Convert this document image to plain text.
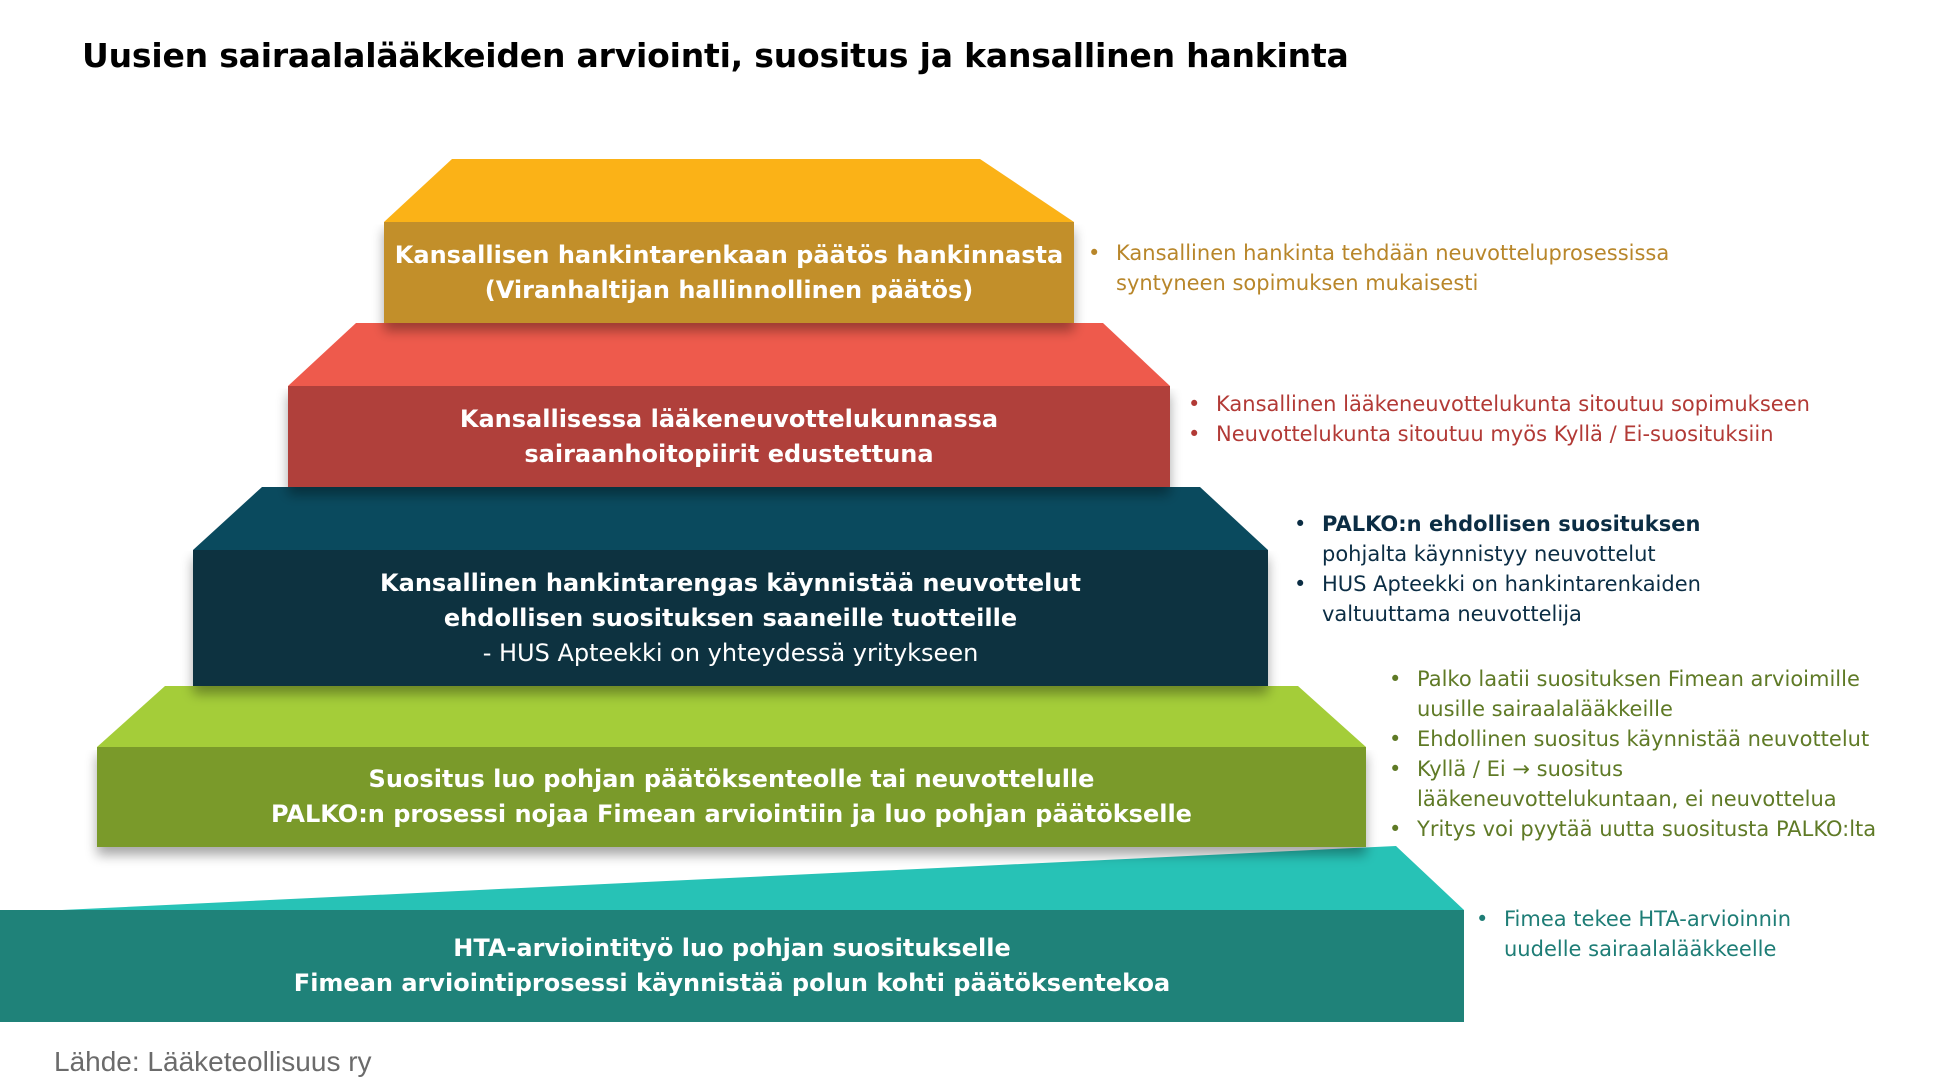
Uusien sairaalalääkkeiden arviointi, suositus ja kansallinen hankinta
Kansallisen hankintarenkaan päätös hankinnasta
(Viranhaltijan hallinnollinen päätös)
Kansallisessa lääkeneuvottelukunnassa
sairaanhoitopiirit edustettuna
Kansallinen hankintarengas käynnistää neuvottelut
ehdollisen suosituksen saaneille tuotteille
- HUS Apteekki on yhteydessä yritykseen
Suositus luo pohjan päätöksenteolle tai neuvottelulle
PALKO:n prosessi nojaa Fimean arviointiin ja luo pohjan päätökselle
HTA-arviointityö luo pohjan suositukselle
Fimean arviointiprosessi käynnistää polun kohti päätöksentekoa
• Kansallinen hankinta tehdään neuvotteluprosessissa syntyneen sopimuksen mukaisesti
• Kansallinen lääkeneuvottelukunta sitoutuu sopimukseen
• Neuvottelukunta sitoutuu myös Kyllä / Ei-suosituksiin
• PALKO:n ehdollisen suosituksen pohjalta käynnistyy neuvottelut
• HUS Apteekki on hankintarenkaiden valtuuttama neuvottelija
• Palko laatii suosituksen Fimean arvioimille uusille sairaalalääkkeille
• Ehdollinen suositus käynnistää neuvottelut
• Kyllä / Ei → suositus lääkeneuvottelukuntaan, ei neuvottelua
• Yritys voi pyytää uutta suositusta PALKO:lta
• Fimea tekee HTA-arvioinnin uudelle sairaalalääkkeelle
Lähde: Lääketeollisuus ry
